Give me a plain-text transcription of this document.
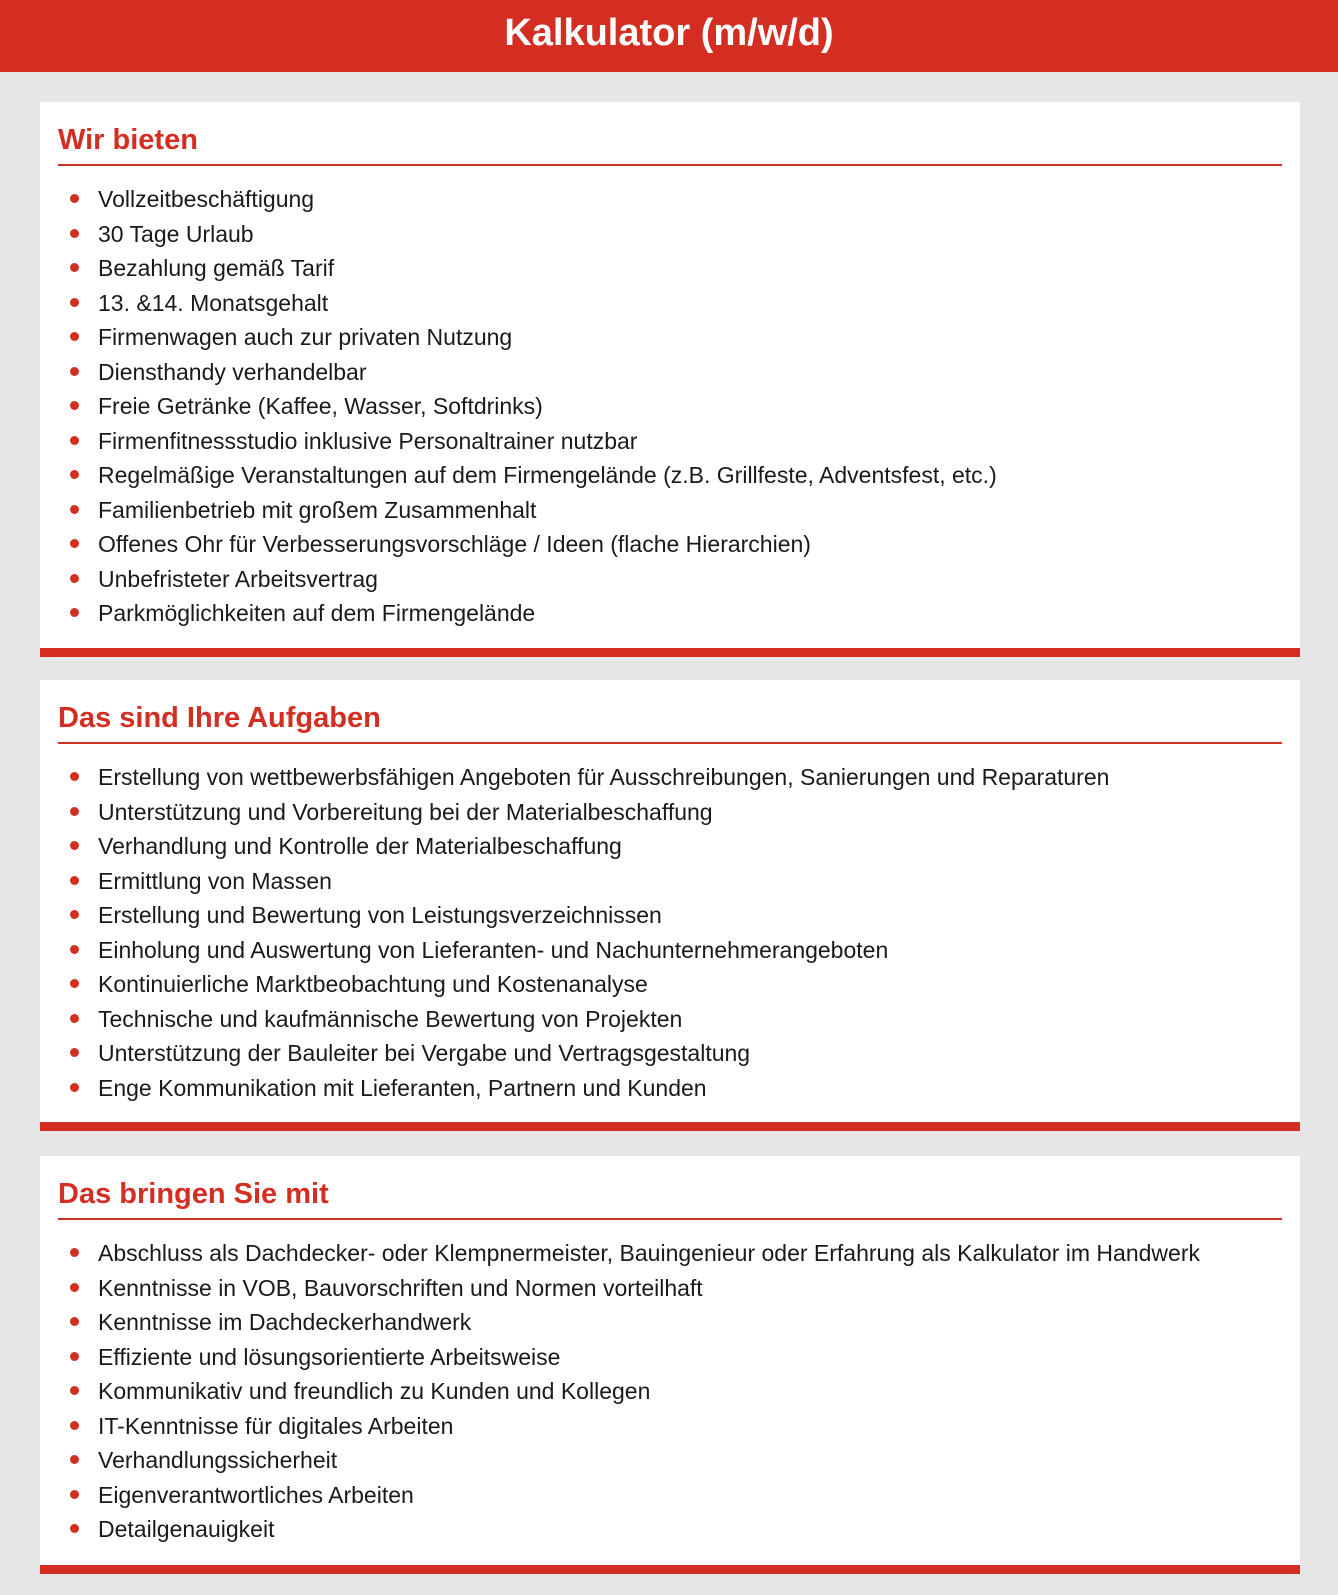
Kalkulator (m/w/d)
Wir bieten
Vollzeitbeschäftigung
30 Tage Urlaub
Bezahlung gemäß Tarif
13. &14. Monatsgehalt
Firmenwagen auch zur privaten Nutzung
Diensthandy verhandelbar
Freie Getränke (Kaffee, Wasser, Softdrinks)
Firmenfitnessstudio inklusive Personaltrainer nutzbar
Regelmäßige Veranstaltungen auf dem Firmengelände (z.B. Grillfeste, Adventsfest, etc.)
Familienbetrieb mit großem Zusammenhalt
Offenes Ohr für Verbesserungsvorschläge / Ideen (flache Hierarchien)
Unbefristeter Arbeitsvertrag
Parkmöglichkeiten auf dem Firmengelände
Das sind Ihre Aufgaben
Erstellung von wettbewerbsfähigen Angeboten für Ausschreibungen, Sanierungen und Reparaturen
Unterstützung und Vorbereitung bei der Materialbeschaffung
Verhandlung und Kontrolle der Materialbeschaffung
Ermittlung von Massen
Erstellung und Bewertung von Leistungsverzeichnissen
Einholung und Auswertung von Lieferanten- und Nachunternehmerangeboten
Kontinuierliche Marktbeobachtung und Kostenanalyse
Technische und kaufmännische Bewertung von Projekten
Unterstützung der Bauleiter bei Vergabe und Vertragsgestaltung
Enge Kommunikation mit Lieferanten, Partnern und Kunden
Das bringen Sie mit
Abschluss als Dachdecker- oder Klempnermeister, Bauingenieur oder Erfahrung als Kalkulator im Handwerk
Kenntnisse in VOB, Bauvorschriften und Normen vorteilhaft
Kenntnisse im Dachdeckerhandwerk
Effiziente und lösungsorientierte Arbeitsweise
Kommunikativ und freundlich zu Kunden und Kollegen
IT-Kenntnisse für digitales Arbeiten
Verhandlungssicherheit
Eigenverantwortliches Arbeiten
Detailgenauigkeit
